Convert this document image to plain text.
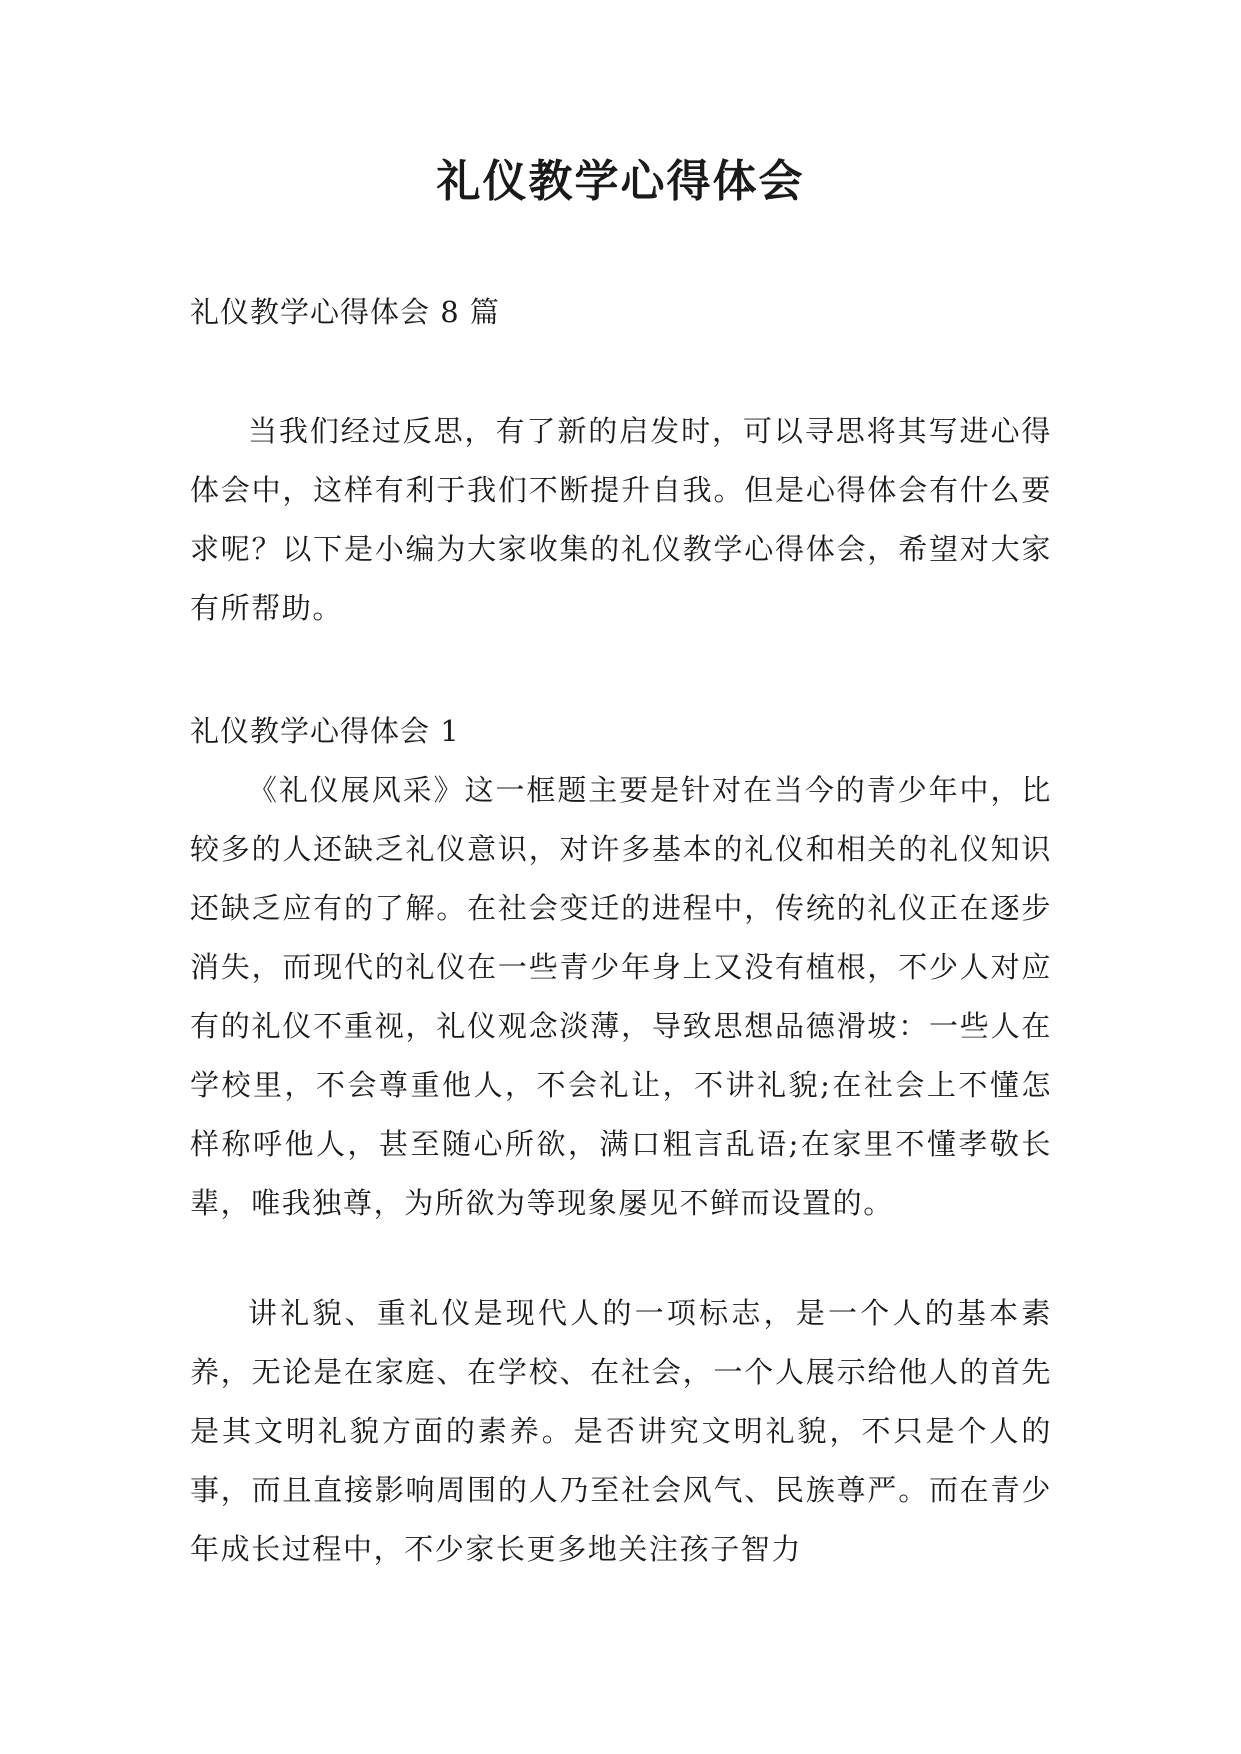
礼仪教学心得体会

礼仪教学心得体会 8 篇

当我们经过反思，有了新的启发时，可以寻思将其写进心得体会中，这样有利于我们不断提升自我。但是心得体会有什么要求呢？以下是小编为大家收集的礼仪教学心得体会，希望对大家有所帮助。

礼仪教学心得体会 1

《礼仪展风采》这一框题主要是针对在当今的青少年中，比较多的人还缺乏礼仪意识，对许多基本的礼仪和相关的礼仪知识还缺乏应有的了解。在社会变迁的进程中，传统的礼仪正在逐步消失，而现代的礼仪在一些青少年身上又没有植根，不少人对应有的礼仪不重视，礼仪观念淡薄，导致思想品德滑坡：一些人在学校里，不会尊重他人，不会礼让，不讲礼貌;在社会上不懂怎样称呼他人，甚至随心所欲，满口粗言乱语;在家里不懂孝敬长辈，唯我独尊，为所欲为等现象屡见不鲜而设置的。

讲礼貌、重礼仪是现代人的一项标志，是一个人的基本素养，无论是在家庭、在学校、在社会，一个人展示给他人的首先是其文明礼貌方面的素养。是否讲究文明礼貌，不只是个人的事，而且直接影响周围的人乃至社会风气、民族尊严。而在青少年成长过程中，不少家长更多地关注孩子智力
